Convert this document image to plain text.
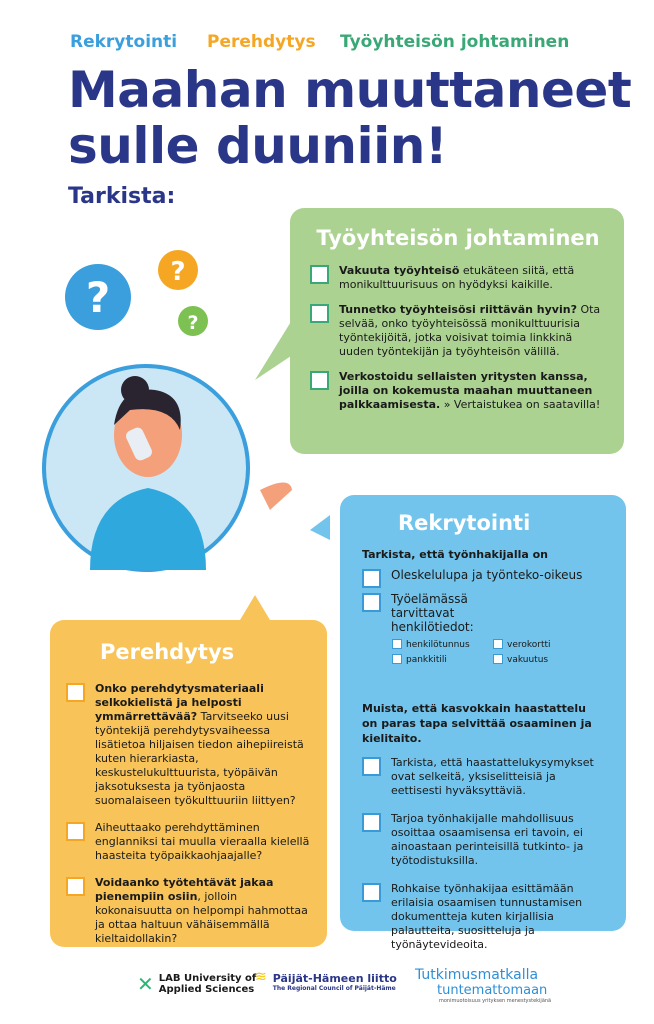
Rekrytointi Perehdytys Työyhteisön johtaminen
Maahan muuttaneet
sulle duuniin!
Tarkista:
?
?
?
Työyhteisön johtaminen
Vakuuta työyhteisö etukäteen siitä, että monikulttuurisuus on hyödyksi kaikille.
Tunnetko työyhteisösi riittävän hyvin? Ota selvää, onko työyhteisössä monikulttuurisia työntekijöitä, jotka voisivat toimia linkkinä uuden työntekijän ja työyhteisön välillä.
Verkostoidu sellaisten yritysten kanssa, joilla on kokemusta maahan muuttaneen palkkaamisesta. » Vertaistukea on saatavilla!
Rekrytointi
Tarkista, että työnhakijalla on
Oleskelulupa ja työnteko-oikeus
Työelämässä tarvittavat henkilötiedot:
henkilötunnus	verokortti
pankkitili	vakuutus
Muista, että kasvokkain haastattelu on paras tapa selvittää osaaminen ja kielitaito.
Tarkista, että haastattelukysymykset ovat selkeitä, yksiselitteisiä ja eettisesti hyväksyttäviä.
Tarjoa työnhakijalle mahdollisuus osoittaa osaamisensa eri tavoin, ei ainoastaan perinteisillä tutkinto- ja työtodistuksilla.
Rohkaise työnhakijaa esittämään erilaisia osaamisen tunnustamisen dokumentteja kuten kirjallisia palautteita, suositteluja ja työnäytevideoita.
Perehdytys
Onko perehdytysmateriaali selkokielistä ja helposti ymmärrettävää? Tarvitseeko uusi työntekijä perehdytysvaiheessa lisätietoa hiljaisen tiedon aihepiireistä kuten hierarkiasta, keskustelukulttuurista, työpäivän jaksotuksesta ja työnjaosta suomalaiseen työkulttuuriin liittyen?
Aiheuttaako perehdyttäminen englanniksi tai muulla vieraalla kielellä haasteita työpaikkaohjaajalle?
Voidaanko työtehtävät jakaa pienempiin osiin, jolloin kokonaisuutta on helpompi hahmottaa ja ottaa haltuun vähäisemmällä kieltaidollakin?
✕ LAB University of Applied Sciences
≋ Päijät-Hämeen liitto
The Regional Council of Päijät-Häme
Tutkimusmatkalla
tuntemattomaan
monimuotoisuus yrityksen menestystekijänä
